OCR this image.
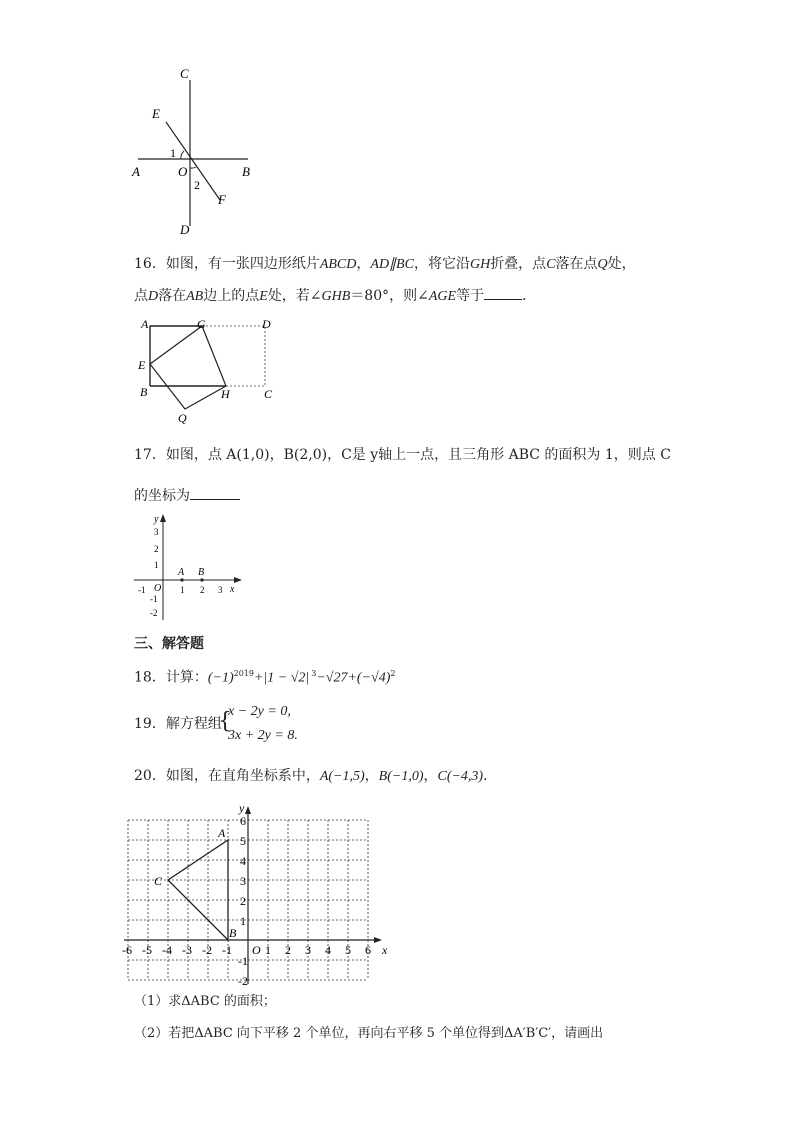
C
E
1
A	O	B
2
F
D
16．如图，有一张四边形纸片ABCD，AD∥BC，将它沿GH折叠，点C落在点Q处，
点D落在AB边上的点E处，若∠GHB＝80°，则∠AGE等于	．
A	G	D
E
B	H	C
Q
17．如图，点 A(1,0)，B(2,0)，C是 y轴上一点，且三角形 ABC 的面积为 1，则点 C
的坐标为
y
x
O
-1	1 2 3
3
2
1
-1
-2
A B
三、解答题
18．计算：$(-1)^{2019}+|1 - √2|$ $^3-√27+(-√4)^2$
19．解方程组
{
x − 2y = 0,
3x + 2y = 8.
20．如图，在直角坐标系中，A(−1,5)，B(−1,0)，C(−4,3)．
y
x
O
-6 -5 -4 -3 -2 -1	1 2 3 4 5 6
6
5
4
3
2
1
-1
-2
A
B
C
（1）求ΔABC 的面积；
（2）若把ΔABC 向下平移 2 个单位，再向右平移 5 个单位得到ΔA′B′C′，请画出
